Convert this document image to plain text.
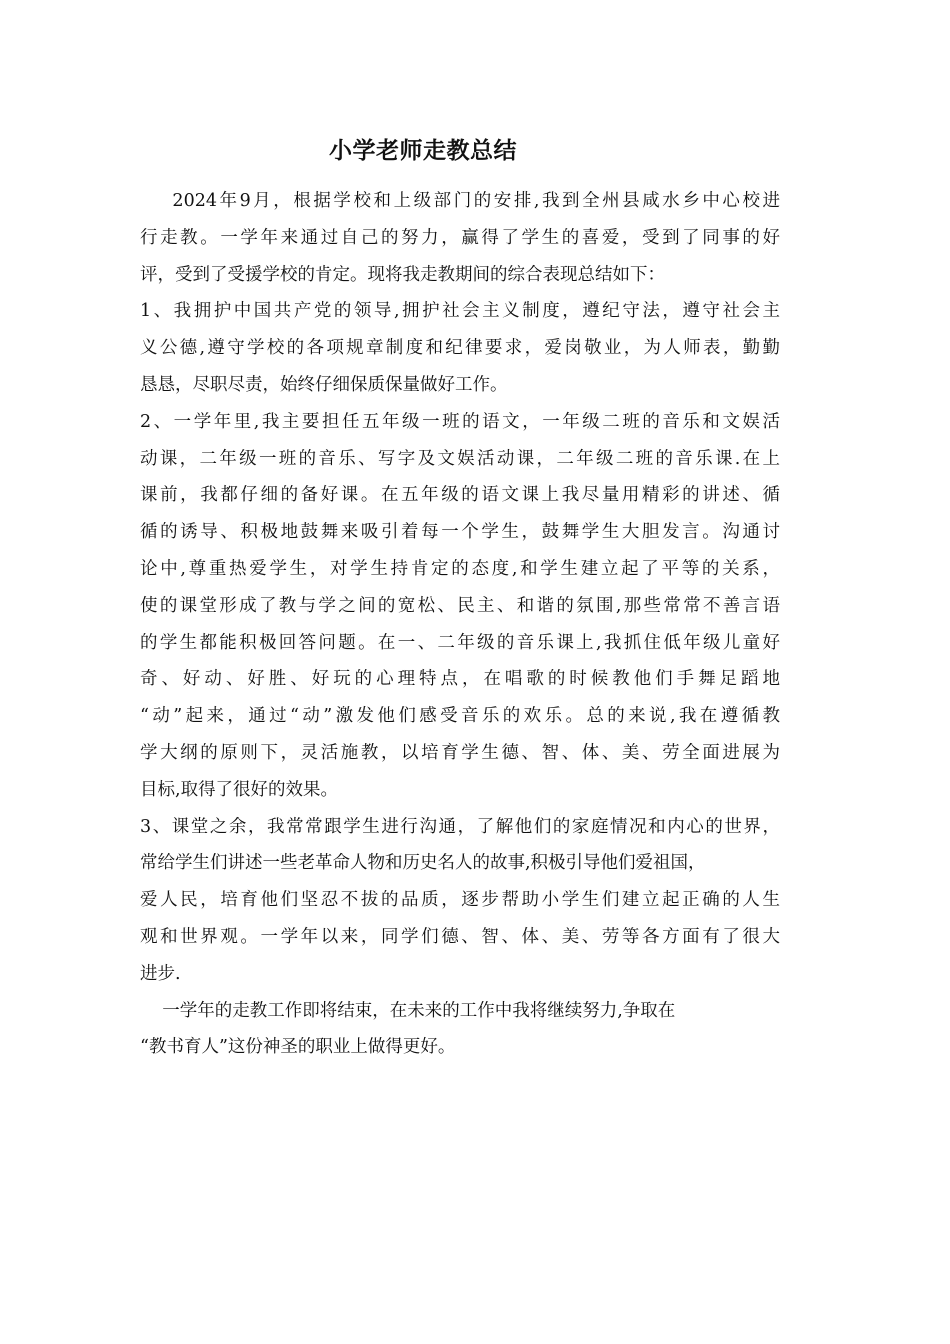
小学老师走教总结
2024年9月，根据学校和上级部门的安排,我到全州县咸水乡中心校进
行走教。一学年来通过自己的努力，赢得了学生的喜爱，受到了同事的好
评，受到了受援学校的肯定。现将我走教期间的综合表现总结如下：
1、我拥护中国共产党的领导,拥护社会主义制度，遵纪守法，遵守社会主
义公德,遵守学校的各项规章制度和纪律要求，爱岗敬业，为人师表，勤勤
恳恳，尽职尽责，始终仔细保质保量做好工作。
2、一学年里,我主要担任五年级一班的语文，一年级二班的音乐和文娱活
动课，二年级一班的音乐、写字及文娱活动课，二年级二班的音乐课.在上
课前，我都仔细的备好课。在五年级的语文课上我尽量用精彩的讲述、循
循的诱导、积极地鼓舞来吸引着每一个学生，鼓舞学生大胆发言。沟通讨
论中,尊重热爱学生，对学生持肯定的态度,和学生建立起了平等的关系，
使的课堂形成了教与学之间的宽松、民主、和谐的氛围,那些常常不善言语
的学生都能积极回答问题。在一、二年级的音乐课上,我抓住低年级儿童好
奇、好动、好胜、好玩的心理特点，在唱歌的时候教他们手舞足蹈地
“动”起来，通过“动”激发他们感受音乐的欢乐。总的来说,我在遵循教
学大纲的原则下，灵活施教，以培育学生德、智、体、美、劳全面进展为
目标,取得了很好的效果。
3、课堂之余，我常常跟学生进行沟通，了解他们的家庭情况和内心的世界，
常给学生们讲述一些老革命人物和历史名人的故事,积极引导他们爱祖国，
爱人民，培育他们坚忍不拔的品质，逐步帮助小学生们建立起正确的人生
观和世界观。一学年以来，同学们德、智、体、美、劳等各方面有了很大
进步.
一学年的走教工作即将结束，在未来的工作中我将继续努力,争取在
“教书育人”这份神圣的职业上做得更好。
